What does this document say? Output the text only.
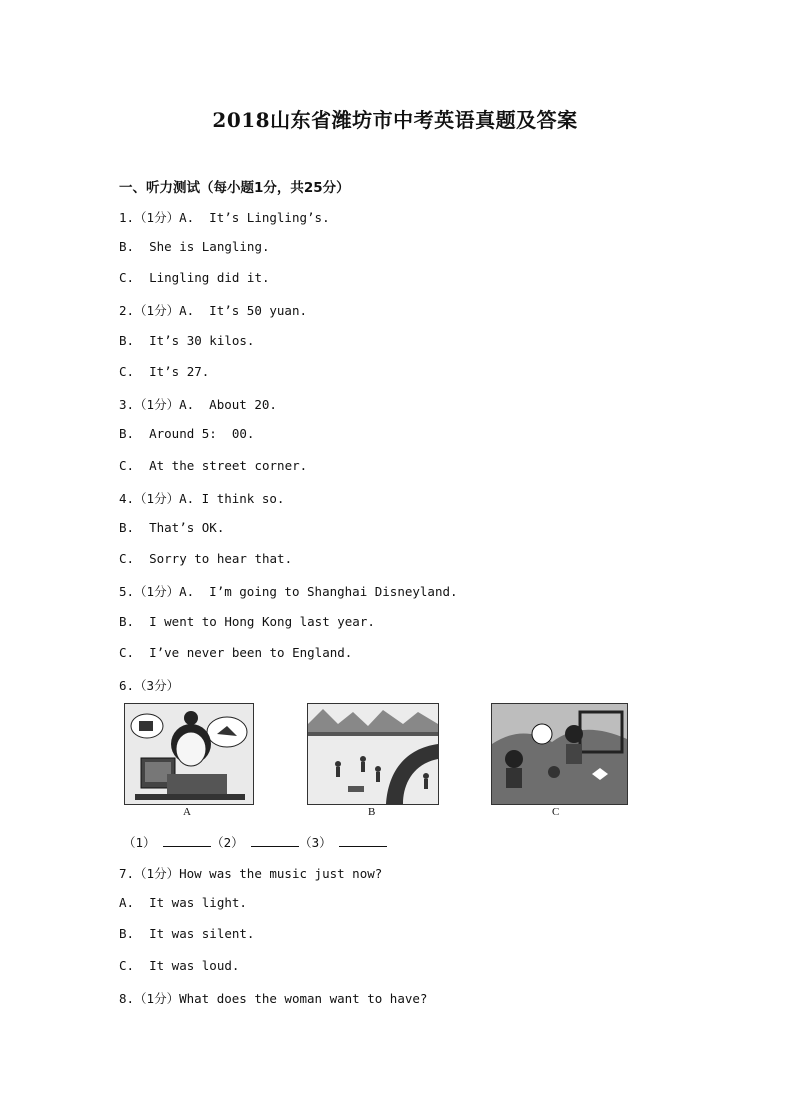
2018山东省潍坊市中考英语真题及答案
一、听力测试（每小题1分，共25分）
1.（1分）A.  It’s Lingling’s.
B.  She is Langling.
C.  Lingling did it.
2.（1分）A.  It’s 50 yuan.
B.  It’s 30 kilos.
C.  It’s 27.
3.（1分）A.  About 20.
B.  Around 5:  00.
C.  At the street corner.
4.（1分）A. I think so.
B.  That’s OK.
C.  Sorry to hear that.
5.（1分）A.  I’m going to Shanghai Disneyland.
B.  I went to Hong Kong last year.
C.  I’ve never been to England.
6.（3分）
A	B	C
（1）	（2）	（3）
7.（1分）How was the music just now?
A.  It was light.
B.  It was silent.
C.  It was loud.
8.（1分）What does the woman want to have?
